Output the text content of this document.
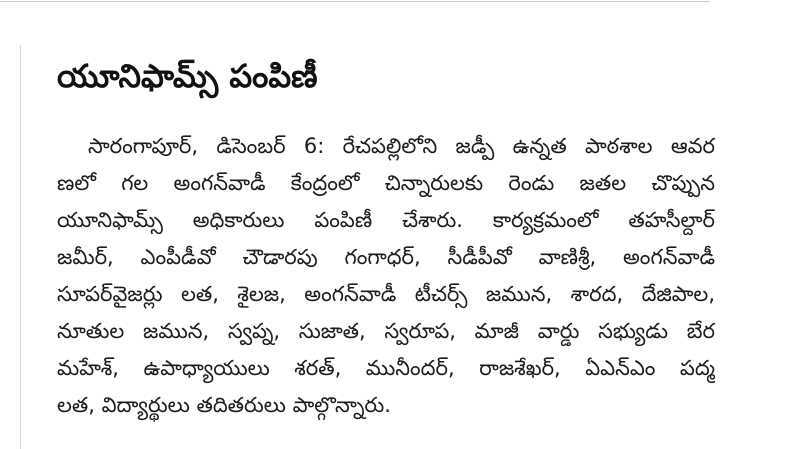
యూనిఫామ్స్ పంపిణీ
సారంగాపూర్, డిసెంబర్ 6: రేచపల్లిలోని జడ్పీ ఉన్నత పాఠశాల ఆవర
ణలో గల అంగన్‌వాడీ కేంద్రంలో చిన్నారులకు రెండు జతల చొప్పున
యూనిఫామ్స్ అధికారులు పంపిణీ చేశారు. కార్యక్రమంలో తహసీల్దార్
జమీర్, ఎంపీడీవో చౌడారపు గంగాధర్, సీడీపీవో వాణిశ్రీ, అంగన్‌వాడీ
సూపర్‌వైజర్లు లత, శైలజ, అంగన్‌వాడీ టీచర్స్ జమున, శారద, దేజిపాల,
నూతుల జమున, స్వప్న, సుజాత, స్వరూప, మాజీ వార్డు సభ్యుడు బేర
మహేశ్, ఉపాధ్యాయులు శరత్, మునీందర్, రాజశేఖర్, ఏఎన్‌ఎం పద్మ
లత, విద్యార్థులు తదితరులు పాల్గొన్నారు.
